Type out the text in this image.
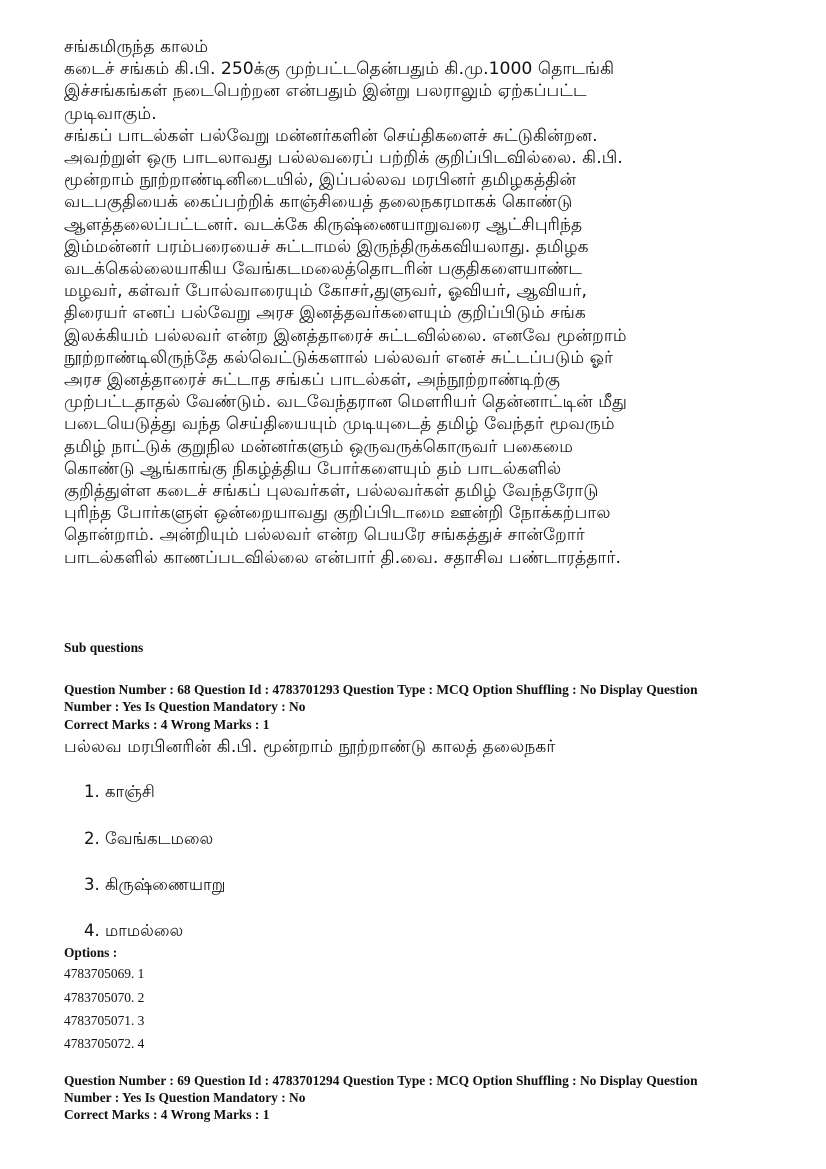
சங்கமிருந்த காலம்
கடைச் சங்கம் கி.பி. 250க்கு முற்பட்டதென்பதும் கி.மு.1000 தொடங்கி
இச்சங்கங்கள் நடைபெற்றன என்பதும் இன்று பலராலும் ஏற்கப்பட்ட
முடிவாகும்.
சங்கப் பாடல்கள் பல்வேறு மன்னர்களின் செய்திகளைச் சுட்டுகின்றன.
அவற்றுள் ஒரு பாடலாவது பல்லவரைப் பற்றிக் குறிப்பிடவில்லை. கி.பி.
மூன்றாம் நூற்றாண்டினிடையில், இப்பல்லவ மரபினர் தமிழகத்தின்
வடபகுதியைக் கைப்பற்றிக் காஞ்சியைத் தலைநகரமாகக் கொண்டு
ஆளத்தலைப்பட்டனர். வடக்கே கிருஷ்ணையாறுவரை ஆட்சிபுரிந்த
இம்மன்னர் பரம்பரையைச் சுட்டாமல் இருந்திருக்கவியலாது. தமிழக
வடக்கெல்லையாகிய வேங்கடமலைத்தொடரின் பகுதிகளையாண்ட
மழவர், கள்வர் போல்வாரையும் கோசர்,துளுவர், ஓவியர், ஆவியர்,
திரையர் எனப் பல்வேறு அரச இனத்தவர்களையும் குறிப்பிடும் சங்க
இலக்கியம் பல்லவர் என்ற இனத்தாரைச் சுட்டவில்லை. எனவே மூன்றாம்
நூற்றாண்டிலிருந்தே கல்வெட்டுக்களால் பல்லவர் எனச் சுட்டப்படும் ஓர்
அரச இனத்தாரைச் சுட்டாத சங்கப் பாடல்கள், அந்நூற்றாண்டிற்கு
முற்பட்டதாதல் வேண்டும். வடவேந்தரான மௌரியர் தென்னாட்டின் மீது
படையெடுத்து வந்த செய்தியையும் முடியுடைத் தமிழ் வேந்தர் மூவரும்
தமிழ் நாட்டுக் குறுநில மன்னர்களும் ஒருவருக்கொருவர் பகைமை
கொண்டு ஆங்காங்கு நிகழ்த்திய போர்களையும் தம் பாடல்களில்
குறித்துள்ள கடைச் சங்கப் புலவர்கள், பல்லவர்கள் தமிழ் வேந்தரோடு
புரிந்த போர்களுள் ஒன்றையாவது குறிப்பிடாமை ஊன்றி நோக்கற்பால
தொன்றாம். அன்றியும் பல்லவர் என்ற பெயரே சங்கத்துச் சான்றோர்
பாடல்களில் காணப்படவில்லை என்பார் தி.வை. சதாசிவ பண்டாரத்தார்.
Sub questions
Question Number : 68 Question Id : 4783701293 Question Type : MCQ Option Shuffling : No Display Question
Number : Yes Is Question Mandatory : No
Correct Marks : 4 Wrong Marks : 1
பல்லவ மரபினரின் கி.பி. மூன்றாம் நூற்றாண்டு காலத் தலைநகர்
1. காஞ்சி
2. வேங்கடமலை
3. கிருஷ்ணையாறு
4. மாமல்லை
Options :
4783705069. 1
4783705070. 2
4783705071. 3
4783705072. 4
Question Number : 69 Question Id : 4783701294 Question Type : MCQ Option Shuffling : No Display Question
Number : Yes Is Question Mandatory : No
Correct Marks : 4 Wrong Marks : 1
